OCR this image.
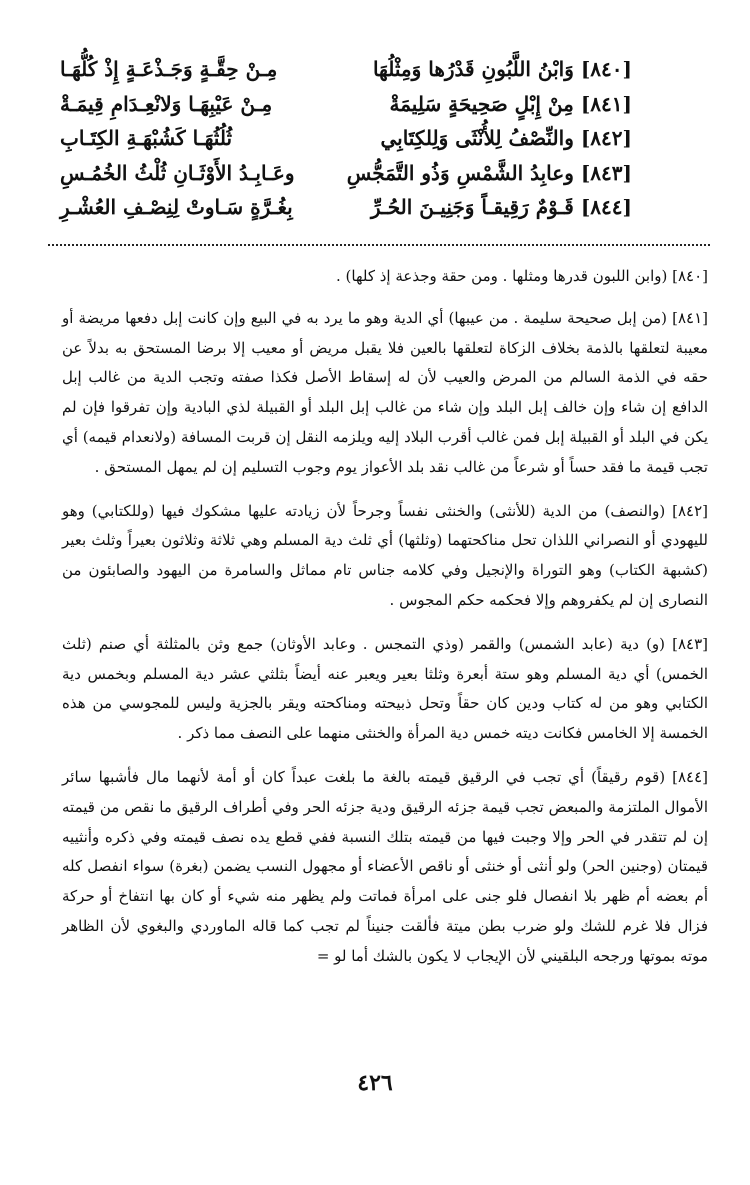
[٨٤٠] وَابْنُ اللَّبُونِ قَدْرُها وَمِثْلُهَا
مِـنْ حِقَّـةٍ وَجَـذْعَـةٍ إِذْ كُلُّهَـا
[٨٤١] مِنْ إِبْلٍ صَحِيحَةٍ سَلِيمَةْ
مِـنْ عَيْبِهَـا وَلانْعِـدَامِ قِيمَـةْ
[٨٤٢] والنِّصْفُ لِلأُنْثَى وَلِلكِتَابِي
ثُلُثُهَـا كَشُبْهَـةِ الكِتَـابِ
[٨٤٣] وعابِدُ الشَّمْسِ وَذُو التَّمَجُّسِ
وعَـابِـدُ الأَوْثَـانِ ثُلْثُ الخُمُـسِ
[٨٤٤] قَـوْمٌ رَقِيقـاً وَجَنِيـنَ الحُـرِّ
بِغُـرَّةٍ سَـاوتْ لِنِصْـفِ العُشْـرِ

[٨٤٠] (وابن اللبون قدرها ومثلها . ومن حقة وجذعة إذ كلها) .

[٨٤١] (من إبل صحيحة سليمة . من عيبها) أي الدية وهو ما يرد به في البيع وإن كانت إبل دفعها مريضة أو معيبة لتعلقها بالذمة بخلاف الزكاة لتعلقها بالعين فلا يقبل مريض أو معيب إلا برضا المستحق به بدلاً عن حقه في الذمة السالم من المرض والعيب لأن له إسقاط الأصل فكذا صفته وتجب الدية من غالب إبل الدافع إن شاء وإن خالف إبل البلد وإن شاء من غالب إبل البلد أو القبيلة لذي البادية وإن تفرقوا فإن لم يكن في البلد أو القبيلة إبل فمن غالب أقرب البلاد إليه ويلزمه النقل إن قربت المسافة (ولانعدام قيمه) أي تجب قيمة ما فقد حساً أو شرعاً من غالب نقد بلد الأعواز يوم وجوب التسليم إن لم يمهل المستحق .

[٨٤٢] (والنصف) من الدية (للأنثى) والخنثى نفساً وجرحاً لأن زيادته عليها مشكوك فيها (وللكتابي) وهو لليهودي أو النصراني اللذان تحل مناكحتهما (وثلثها) أي ثلث دية المسلم وهي ثلاثة وثلاثون بعيراً وثلث بعير (كشبهة الكتاب) وهو التوراة والإنجيل وفي كلامه جناس تام مماثل والسامرة من اليهود والصابئون من النصارى إن لم يكفروهم وإلا فحكمه حكم المجوس .

[٨٤٣] (و) دية (عابد الشمس) والقمر (وذي التمجس . وعابد الأوثان) جمع وثن بالمثلثة أي صنم (ثلث الخمس) أي دية المسلم وهو ستة أبعرة وثلثا بعير ويعبر عنه أيضاً بثلثي عشر دية المسلم وبخمس دية الكتابي وهو من له كتاب ودين كان حقاً وتحل ذبيحته ومناكحته ويقر بالجزية وليس للمجوسي من هذه الخمسة إلا الخامس فكانت ديته خمس دية المرأة والخنثى منهما على النصف مما ذكر .

[٨٤٤] (قوم رقيقاً) أي تجب في الرقيق قيمته بالغة ما بلغت عبداً كان أو أمة لأنهما مال فأشبها سائر الأموال الملتزمة والمبعض تجب قيمة جزئه الرقيق ودية جزئه الحر وفي أطراف الرقيق ما نقص من قيمته إن لم تتقدر في الحر وإلا وجبت فيها من قيمته بتلك النسبة ففي قطع يده نصف قيمته وفي ذكره وأنثييه قيمتان (وجنين الحر) ولو أنثى أو خنثى أو ناقص الأعضاء أو مجهول النسب يضمن (بغرة) سواء انفصل كله أم بعضه أم ظهر بلا انفصال فلو جنى على امرأة فماتت ولم يظهر منه شيء أو كان بها انتفاخ أو حركة فزال فلا غرم للشك ولو ضرب بطن ميتة فألقت جنيناً لم تجب كما قاله الماوردي والبغوي لأن الظاهر موته بموتها ورجحه البلقيني لأن الإيجاب لا يكون بالشك أما لو =

٤٢٦
